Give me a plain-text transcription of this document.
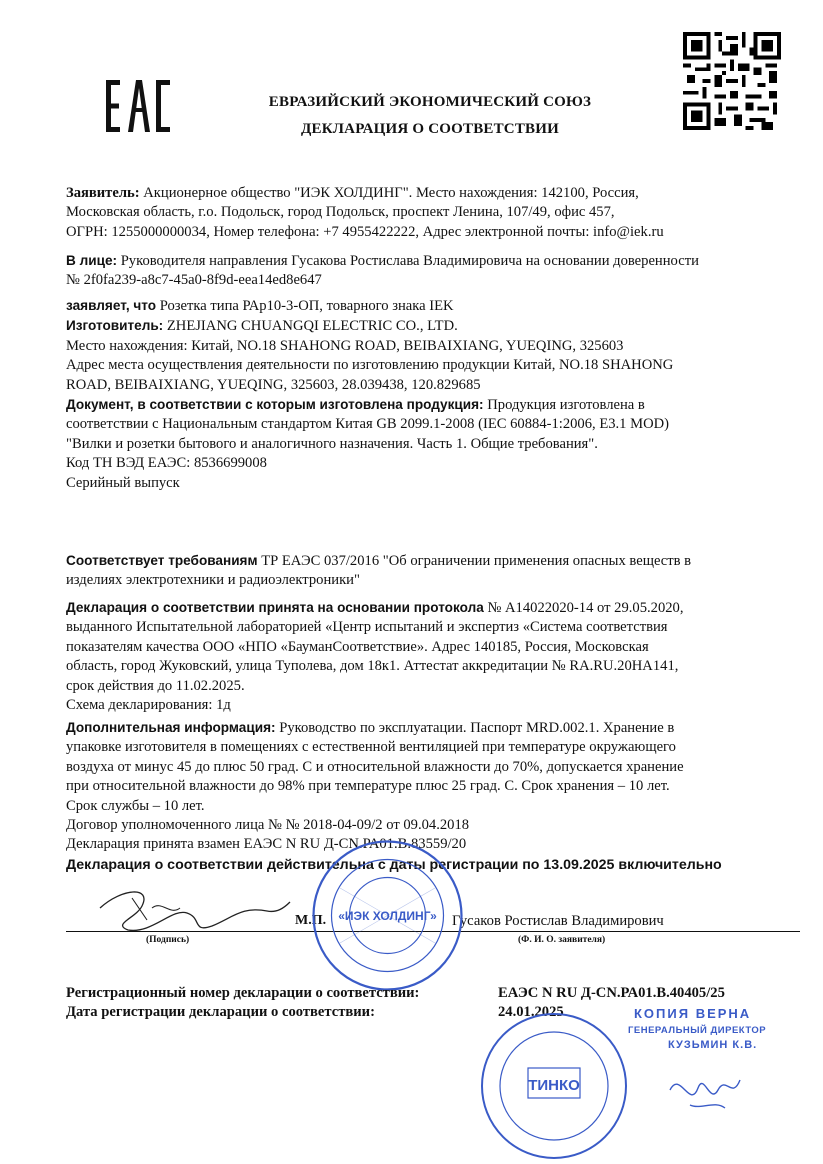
ЕВРАЗИЙСКИЙ ЭКОНОМИЧЕСКИЙ СОЮЗ
ДЕКЛАРАЦИЯ О СООТВЕТСТВИИ

Заявитель: Акционерное общество "ИЭК ХОЛДИНГ". Место нахождения: 142100, Россия,

Московская область, г.о. Подольск, город Подольск, проспект Ленина, 107/49, офис 457,

ОГРН: 1255000000034, Номер телефона: +7 4955422222, Адрес электронной почты: info@iek.ru

В лице: Руководителя направления Гусакова Ростислава Владимировича на основании доверенности

№ 2f0fa239-a8c7-45a0-8f9d-eea14ed8e647

заявляет, что Розетка типа РАр10-3-ОП, товарного знака IEK

Изготовитель: ZHEJIANG CHUANGQI ELECTRIC CO., LTD.

Место нахождения: Китай, NO.18 SHAHONG ROAD, BEIBAIXIANG, YUEQING, 325603

Адрес места осуществления деятельности по изготовлению продукции Китай, NO.18 SHAHONG

ROAD, BEIBAIXIANG, YUEQING, 325603, 28.039438, 120.829685

Документ, в соответствии с которым изготовлена продукция: Продукция изготовлена в

соответствии с Национальным стандартом Китая GB 2099.1-2008 (IEC 60884-1:2006, E3.1 MOD)

"Вилки и розетки бытового и аналогичного назначения. Часть 1. Общие требования".

Код ТН ВЭД ЕАЭС: 8536699008

Серийный выпуск

Соответствует требованиям ТР ЕАЭС 037/2016 "Об ограничении применения опасных веществ в

изделиях электротехники и радиоэлектроники"

Декларация о соответствии принята на основании протокола № А14022020-14 от 29.05.2020,

выданного Испытательной лабораторией «Центр испытаний и экспертиз «Система соответствия

показателям качества ООО «НПО «БауманСоответствие». Адрес 140185, Россия, Московская

область, город Жуковский, улица Туполева, дом 18к1. Аттестат аккредитации № RA.RU.20НА141,

срок действия до 11.02.2025.

Схема декларирования: 1д

Дополнительная информация: Руководство по эксплуатации. Паспорт MRD.002.1. Хранение в

упаковке изготовителя в помещениях с естественной вентиляцией при температуре окружающего

воздуха от минус 45 до плюс 50 град. С и относительной влажности до 70%, допускается хранение

при относительной влажности до 98% при температуре плюс 25 град. С. Срок хранения – 10 лет.

Срок службы – 10 лет.

Договор уполномоченного лица № № 2018-04-09/2 от 09.04.2018

Декларация принята взамен ЕАЭС N RU Д-CN.РА01.В.83559/20

Декларация о соответствии действительна с даты регистрации по 13.09.2025 включительно
М.П.	Гусаков Ростислав Владимирович
(Подпись)	(Ф. И. О. заявителя)
«ИЭК ХОЛДИНГ»
Регистрационный номер декларации о соответствии:	ЕАЭС N RU Д-CN.РА01.В.40405/25
Дата регистрации декларации о соответствии:	24.01.2025
ТИНКО
КОПИЯ ВЕРНА
ГЕНЕРАЛЬНЫЙ ДИРЕКТОР
КУЗЬМИН К.В.
